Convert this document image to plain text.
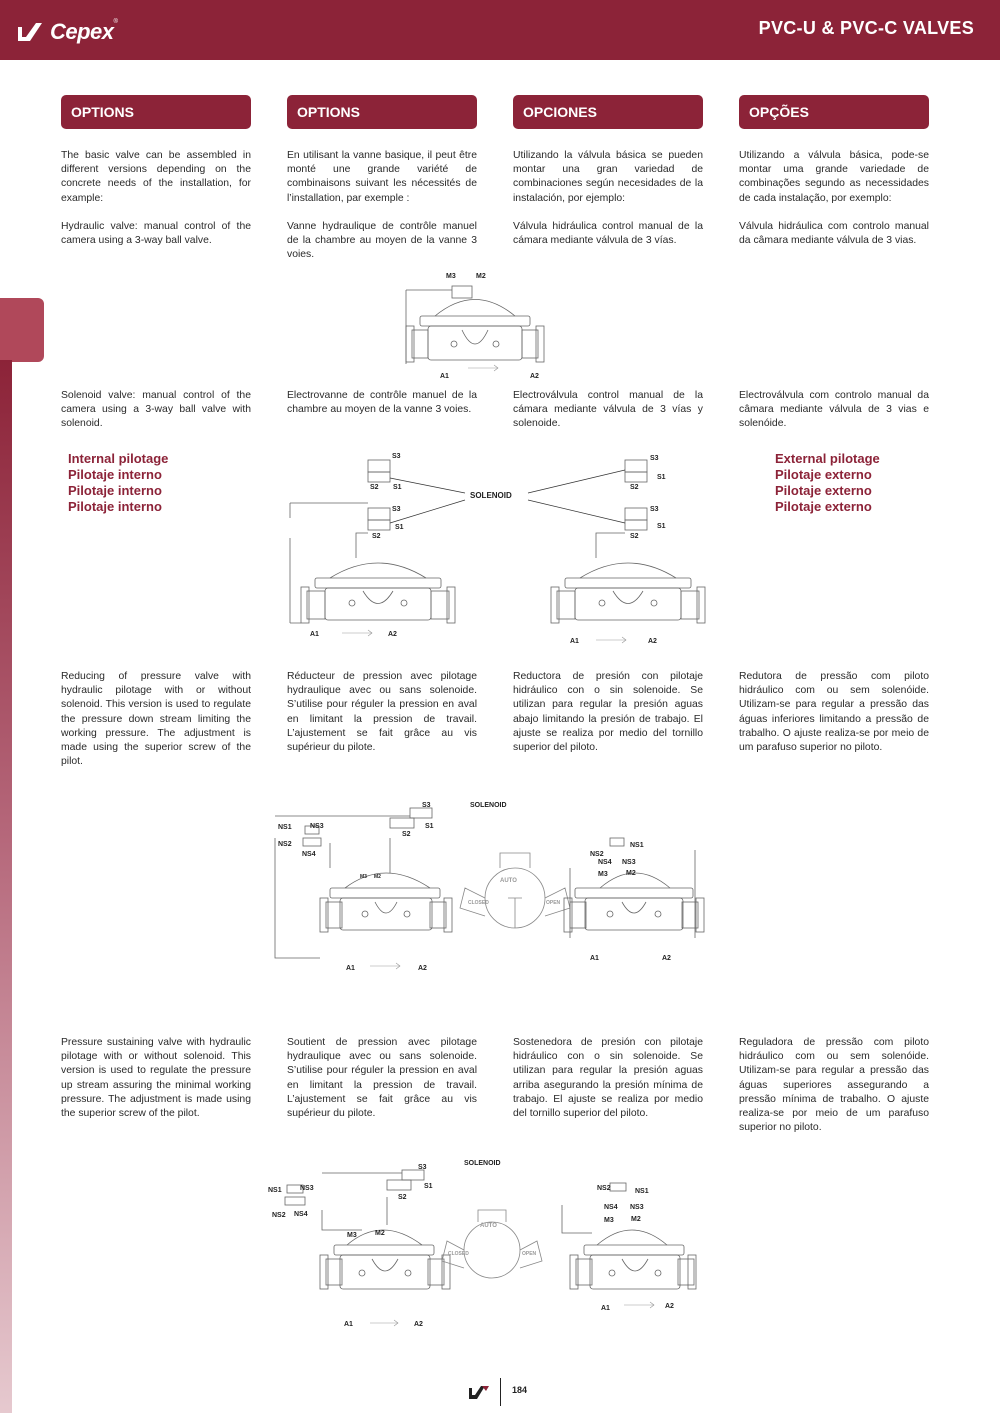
Cepex ®	PVC-U & PVC-C VALVES
OPTIONS	OPTIONS	OPCIONES	OPÇÕES
The basic valve can be assembled in different versions depending on the concrete needs of the installation, for example:

Hydraulic valve: manual control of the camera using a 3-way ball valve.
En utilisant la vanne basique, il peut être monté une grande variété de combinaisons suivant les nécessités de l’installation, par exemple :

Vanne hydraulique de contrôle manuel de la chambre au moyen de la vanne 3 voies.
Utilizando la válvula básica se pueden montar una gran variedad de combinaciones según necesidades de la instalación, por ejemplo:

Válvula hidráulica control manual de la cámara mediante válvula de 3 vías.
Utilizando a válvula básica, pode-se montar uma grande variedade de combinações segundo as necessidades de cada instalação, por exemplo:

Válvula hidráulica com controlo manual da câmara mediante válvula de 3 vias.
M3	M2
A1	A2
Solenoid valve: manual control of the camera using a 3-way ball valve with solenoid.
Electrovanne de contrôle manuel de la chambre au moyen de la vanne 3 voies.
Electroválvula control manual de la cámara mediante válvula de 3 vías y solenoide.
Electroválvula com controlo manual da câmara mediante válvula de 3 vias e solenóide.
Internal pilotage
Pilotaje interno
Pilotaje interno
Pilotaje interno
External pilotage
Pilotaje externo
Pilotaje externo
Pilotaje externo
S3
S2 S1
S3
S1
S2
SOLENOID
S3
S1
S2
S3
S1
S2
A1	A2
A1	A2
Reducing of pressure valve with hydraulic pilotage with or without solenoid. This version is used to regulate the pressure down stream limiting the working pressure. The adjustment is made using the superior screw of the pilot.
Réducteur de pression avec pilotage hydraulique avec ou sans solenoide. S’utilise pour réguler la pression en aval en limitant la pression de travail. L’ajustement se fait grâce au vis supérieur du pilote.
Reductora de presión con pilotaje hidráulico con o sin solenoide. Se utilizan para regular la presión aguas abajo limitando la presión de trabajo. El ajuste se realiza por medio del tornillo superior del piloto.
Redutora de pressão com piloto hidráulico com ou sem solenóide. Utilizam-se para regular a pressão das águas inferiores limitando a pressão de trabalho. O ajuste realiza-se por meio de um parafuso superior no piloto.
S3	SOLENOID
S1
S2
NS1	NS3
NS2
NS4
M3 M2
A1	A2
NS1
NS2
NS4 NS3
M3	M2
A1	A2
AUTO
CLOSED	OPEN
Pressure sustaining valve with hydraulic pilotage with or without solenoid. This version is used to regulate the pressure up stream assuring the minimal working pressure. The adjustment is made using the superior screw of the pilot.
Soutient de pression avec pilotage hydraulique avec ou sans solenoide. S’utilise pour réguler la pression en aval en limitant la pression de travail. L’ajustement se fait grâce au vis supérieur du pilote.
Sostenedora de presión con pilotaje hidráulico con o sin solenoide. Se utilizan para regular la presión aguas arriba asegurando la presión mínima de trabajo. El ajuste se realiza por medio del tornillo superior del piloto.
Reguladora de pressão com piloto hidráulico com ou sem solenóide. Utilizam-se para regular a pressão das águas superiores assegurando a pressão mínima de trabalho. O ajuste realiza-se por meio de um parafuso superior no piloto.
S3
SOLENOID
S1
S2
NS1	NS3
NS2 NS4
M3	M2
A1	A2
NS2	NS1
NS4 NS3
M3 M2
A1	A2
AUTO
CLOSED	OPEN
184
